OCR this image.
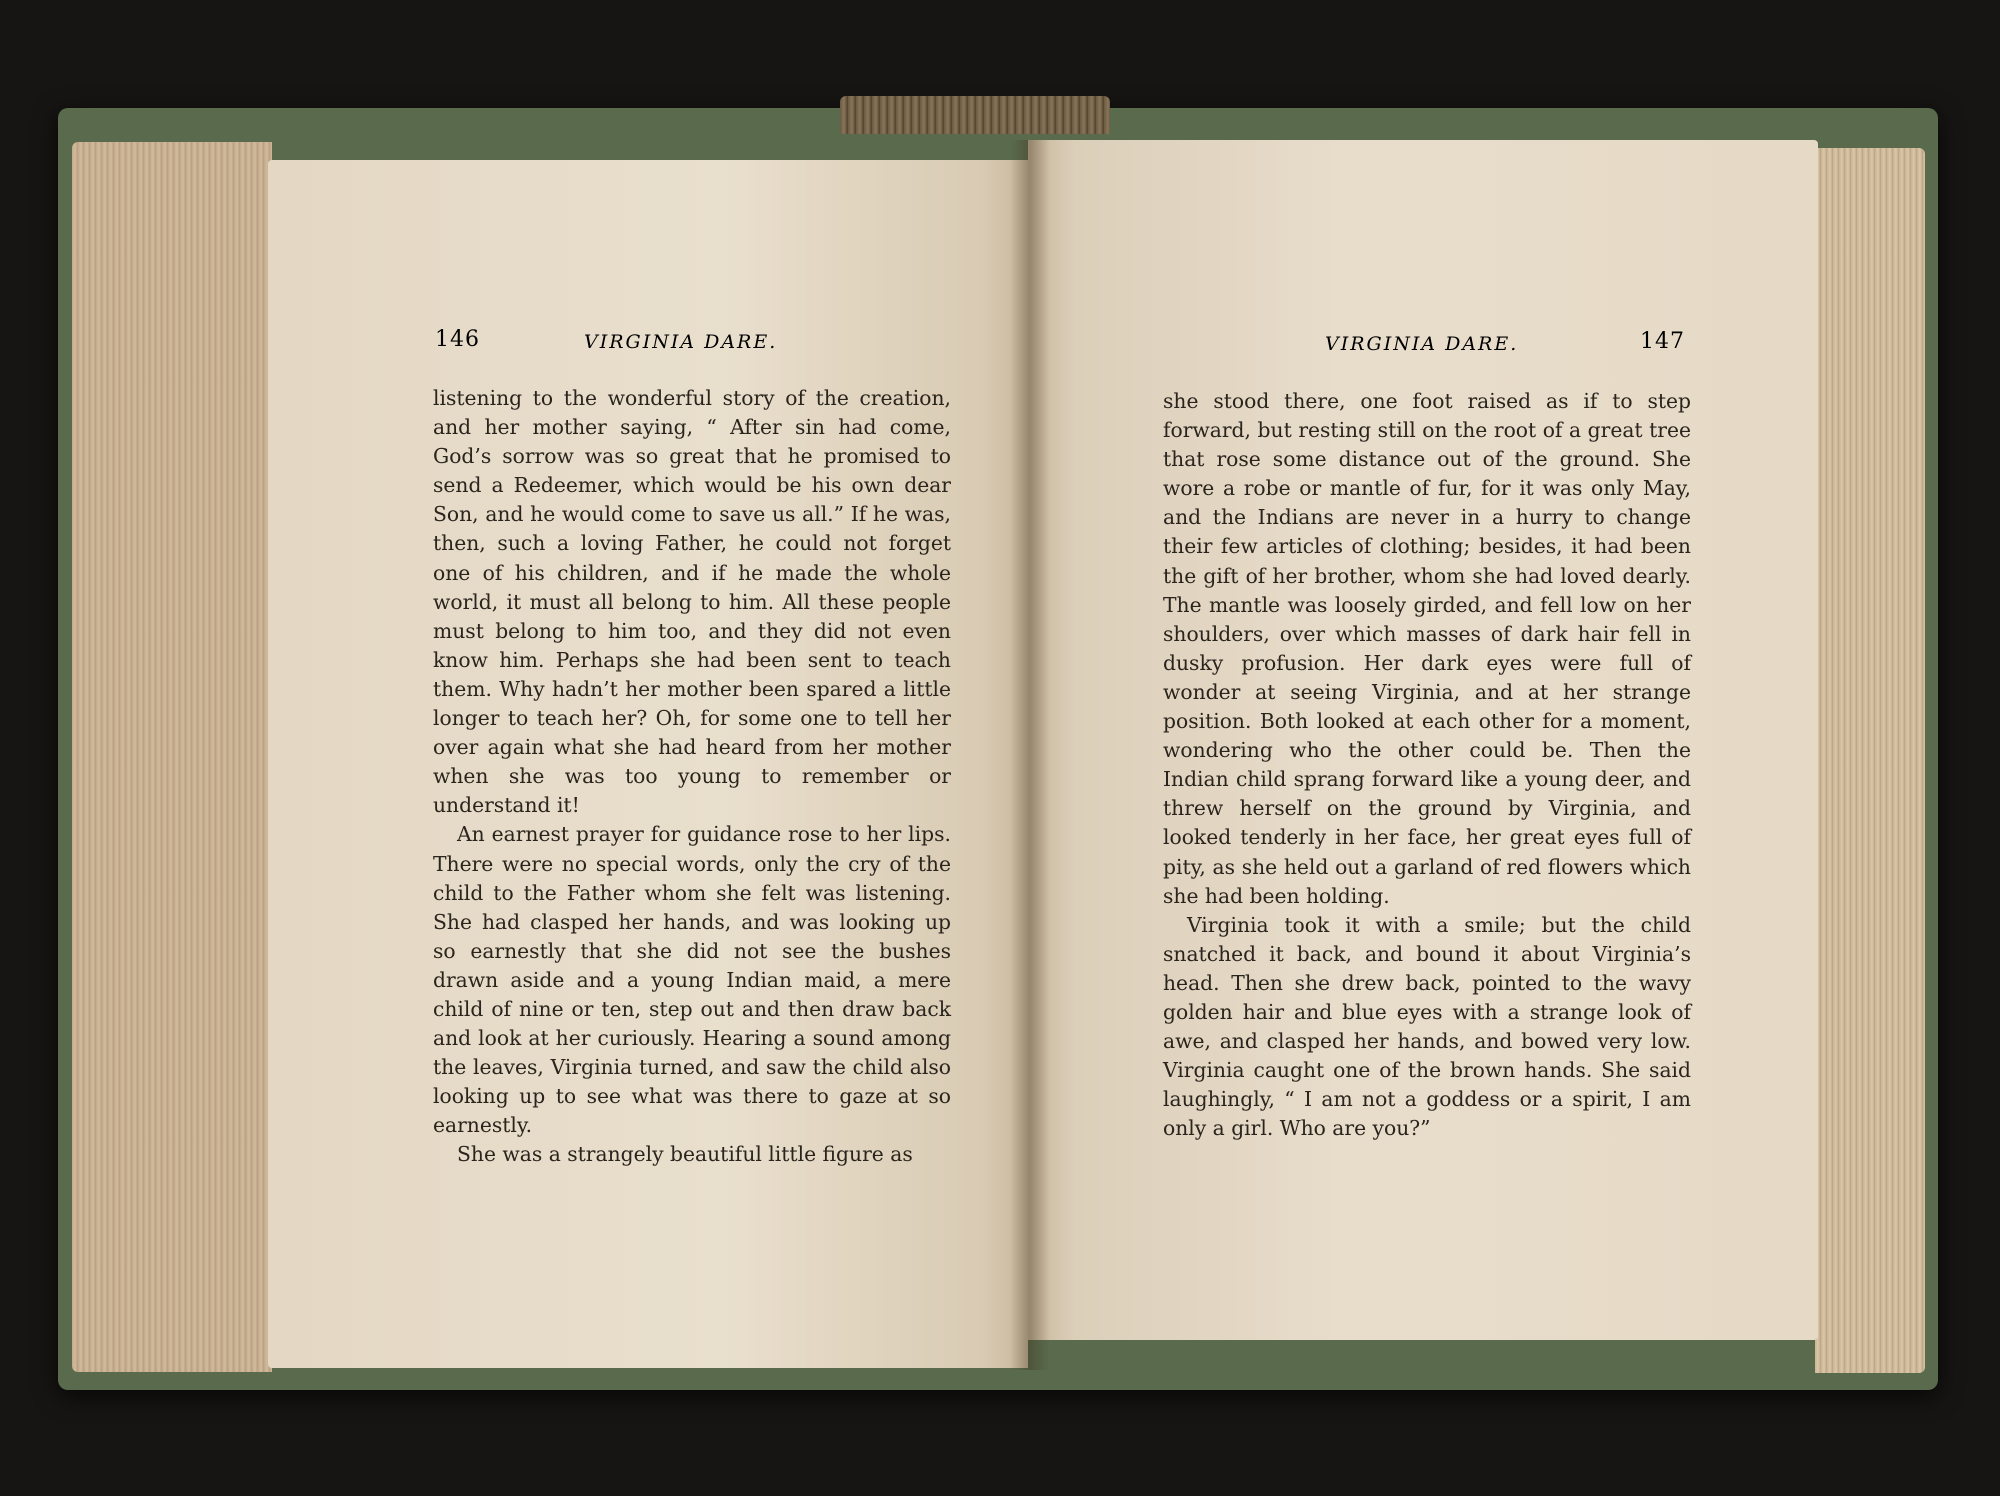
146	VIRGINIA DARE.	VIRGINIA DARE.	147

listening to the wonderful story of the creation, and her mother saying, “ After sin had come, God’s sorrow was so great that he promised to send a Redeemer, which would be his own dear Son, and he would come to save us all.” If he was, then, such a loving Father, he could not forget one of his children, and if he made the whole world, it must all belong to him. All these people must belong to him too, and they did not even know him. Perhaps she had been sent to teach them. Why hadn’t her mother been spared a little longer to teach her? Oh, for some one to tell her over again what she had heard from her mother when she was too young to remember or understand it!

An earnest prayer for guidance rose to her lips. There were no special words, only the cry of the child to the Father whom she felt was listening. She had clasped her hands, and was looking up so earnestly that she did not see the bushes drawn aside and a young Indian maid, a mere child of nine or ten, step out and then draw back and look at her curiously. Hearing a sound among the leaves, Virginia turned, and saw the child also looking up to see what was there to gaze at so earnestly.

She was a strangely beautiful little figure as

she stood there, one foot raised as if to step forward, but resting still on the root of a great tree that rose some distance out of the ground. She wore a robe or mantle of fur, for it was only May, and the Indians are never in a hurry to change their few articles of clothing; besides, it had been the gift of her brother, whom she had loved dearly. The mantle was loosely girded, and fell low on her shoulders, over which masses of dark hair fell in dusky profusion. Her dark eyes were full of wonder at seeing Virginia, and at her strange position. Both looked at each other for a moment, wondering who the other could be. Then the Indian child sprang forward like a young deer, and threw herself on the ground by Virginia, and looked tenderly in her face, her great eyes full of pity, as she held out a garland of red flowers which she had been holding.

Virginia took it with a smile; but the child snatched it back, and bound it about Virginia’s head. Then she drew back, pointed to the wavy golden hair and blue eyes with a strange look of awe, and clasped her hands, and bowed very low. Virginia caught one of the brown hands. She said laughingly, “ I am not a goddess or a spirit, I am only a girl. Who are you?”
